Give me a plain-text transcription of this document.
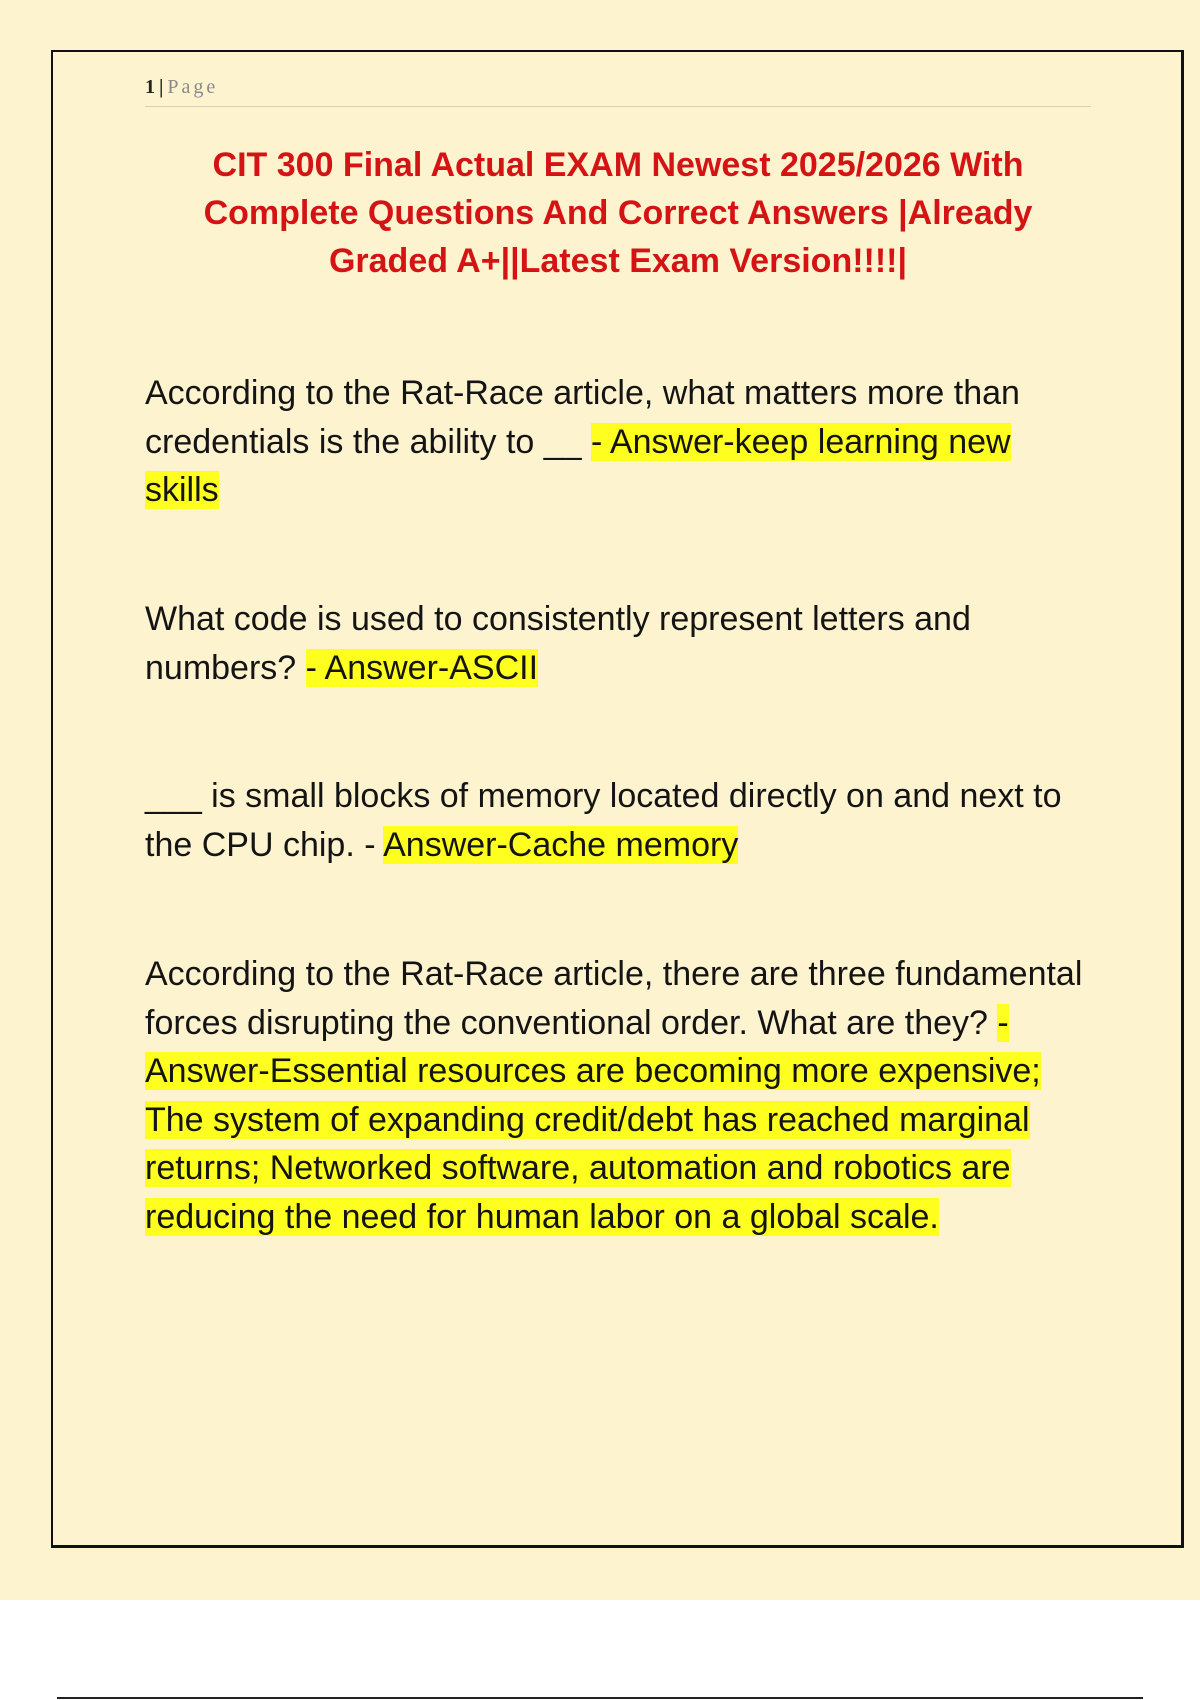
1 | Page
CIT 300 Final Actual EXAM Newest 2025/2026 With Complete Questions And Correct Answers |Already Graded A+||Latest Exam Version!!!!|

According to the Rat-Race article, what matters more than credentials is the ability to __ - Answer-keep learning new skills

What code is used to consistently represent letters and numbers? - Answer-ASCII

___ is small blocks of memory located directly on and next to the CPU chip. - Answer-Cache memory

According to the Rat-Race article, there are three fundamental forces disrupting the conventional order. What are they? - Answer-Essential resources are becoming more expensive; The system of expanding credit/debt has reached marginal returns; Networked software, automation and robotics are reducing the need for human labor on a global scale.
